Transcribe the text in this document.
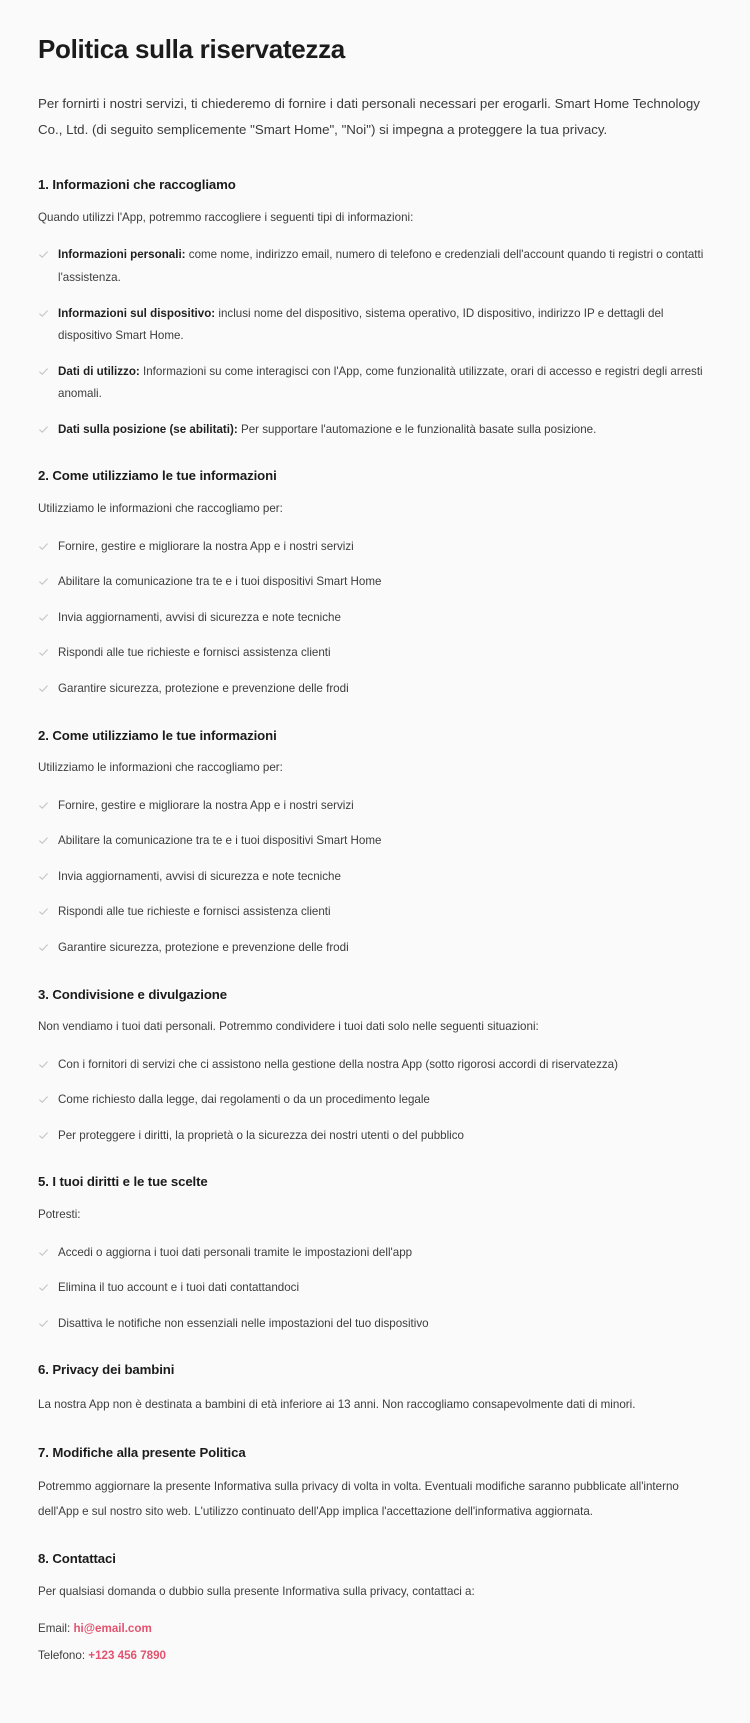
Politica sulla riservatezza

Per fornirti i nostri servizi, ti chiederemo di fornire i dati personali necessari per erogarli. Smart Home Technology Co., Ltd. (di seguito semplicemente "Smart Home", "Noi") si impegna a proteggere la tua privacy.

1. Informazioni che raccogliamo

Quando utilizzi l'App, potremmo raccogliere i seguenti tipi di informazioni:

Informazioni personali: come nome, indirizzo email, numero di telefono e credenziali dell'account quando ti registri o contatti l'assistenza.
Informazioni sul dispositivo: inclusi nome del dispositivo, sistema operativo, ID dispositivo, indirizzo IP e dettagli del dispositivo Smart Home.
Dati di utilizzo: Informazioni su come interagisci con l'App, come funzionalità utilizzate, orari di accesso e registri degli arresti anomali.
Dati sulla posizione (se abilitati): Per supportare l'automazione e le funzionalità basate sulla posizione.
2. Come utilizziamo le tue informazioni

Utilizziamo le informazioni che raccogliamo per:

Fornire, gestire e migliorare la nostra App e i nostri servizi
Abilitare la comunicazione tra te e i tuoi dispositivi Smart Home
Invia aggiornamenti, avvisi di sicurezza e note tecniche
Rispondi alle tue richieste e fornisci assistenza clienti
Garantire sicurezza, protezione e prevenzione delle frodi
2. Come utilizziamo le tue informazioni

Utilizziamo le informazioni che raccogliamo per:

Fornire, gestire e migliorare la nostra App e i nostri servizi
Abilitare la comunicazione tra te e i tuoi dispositivi Smart Home
Invia aggiornamenti, avvisi di sicurezza e note tecniche
Rispondi alle tue richieste e fornisci assistenza clienti
Garantire sicurezza, protezione e prevenzione delle frodi
3. Condivisione e divulgazione

Non vendiamo i tuoi dati personali. Potremmo condividere i tuoi dati solo nelle seguenti situazioni:

Con i fornitori di servizi che ci assistono nella gestione della nostra App (sotto rigorosi accordi di riservatezza)
Come richiesto dalla legge, dai regolamenti o da un procedimento legale
Per proteggere i diritti, la proprietà o la sicurezza dei nostri utenti o del pubblico
5. I tuoi diritti e le tue scelte

Potresti:

Accedi o aggiorna i tuoi dati personali tramite le impostazioni dell'app
Elimina il tuo account e i tuoi dati contattandoci
Disattiva le notifiche non essenziali nelle impostazioni del tuo dispositivo
6. Privacy dei bambini

La nostra App non è destinata a bambini di età inferiore ai 13 anni. Non raccogliamo consapevolmente dati di minori.

7. Modifiche alla presente Politica

Potremmo aggiornare la presente Informativa sulla privacy di volta in volta. Eventuali modifiche saranno pubblicate all'interno dell'App e sul nostro sito web. L'utilizzo continuato dell'App implica l'accettazione dell'informativa aggiornata.

8. Contattaci

Per qualsiasi domanda o dubbio sulla presente Informativa sulla privacy, contattaci a:

Email: hi@email.com

Telefono: +123 456 7890
